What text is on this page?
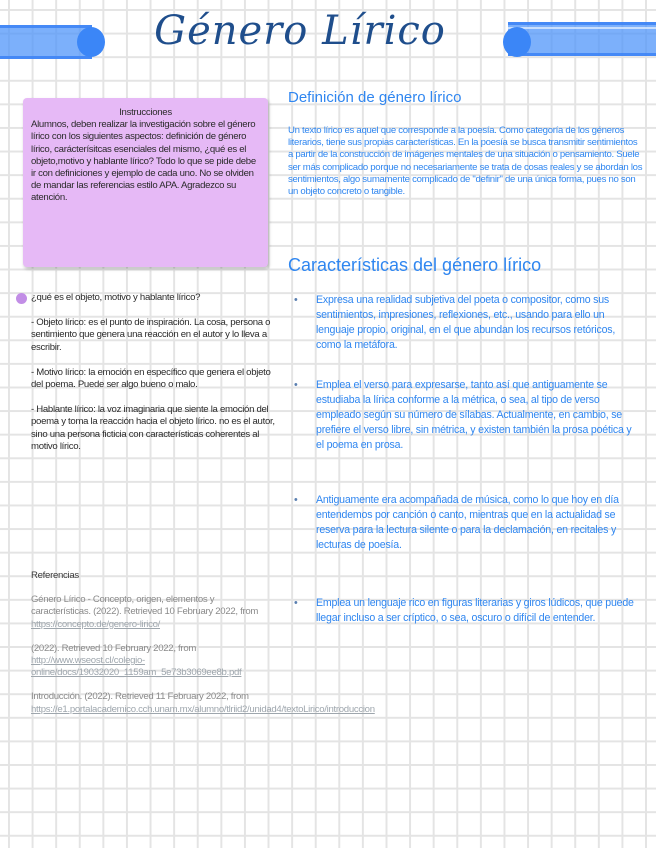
Género Lírico
Instrucciones
Alumnos, deben realizar la investigación sobre el género lírico con los siguientes aspectos: definición de género lírico, carácterísitcas esenciales del mismo, ¿qué es el objeto,motivo y hablante lírico? Todo lo que se pide debe ir con definiciones y ejemplo de cada uno. No se olviden de mandar las referencias estilo APA. Agradezco su atención.
¿qué es el objeto, motivo y hablante lírico?
- Objeto lírico: es el punto de inspiración. La cosa, persona o sentimiento que genera una reacción en el autor y lo lleva a escribir.
- Motivo lírico: la emoción en específico que genera el objeto del poema. Puede ser algo bueno o malo.
- Hablante lírico: la voz imaginaria que siente la emoción del poema y toma la reacción hacia el objeto lírico. no es el autor, sino una persona ficticia con características coherentes al motivo lírico.
Referencias
Género Lírico - Concepto, origen, elementos y características. (2022). Retrieved 10 February 2022, from https://concepto.de/genero-lirico/
(2022). Retrieved 10 February 2022, from http://www.wseost.cl/colegio-online/docs/19032020_1159am_5e73b3069ee8b.pdf
Introducción. (2022). Retrieved 11 February 2022, from https://e1.portalacademico.cch.unam.mx/alumno/tlriid2/unidad4/textoLirico/introduccion
Definición de género lírico
Un texto lírico es aquel que corresponde a la poesía. Como categoría de los géneros literarios, tiene sus propias características. En la poesía se busca transmitir sentimientos a partir de la construcción de imágenes mentales de una situación o pensamiento. Suele ser más complicado porque no necesariamente se trata de cosas reales y se abordan los sentimientos, algo sumamente complicado de "definir" de una única forma, pues no son un objeto concreto o tangible.
Características del género lírico
•	Expresa una realidad subjetiva del poeta o compositor, como sus sentimientos, impresiones, reflexiones, etc., usando para ello un lenguaje propio, original, en el que abundan los recursos retóricos, como la metáfora.
•	Emplea el verso para expresarse, tanto así que antiguamente se estudiaba la lírica conforme a la métrica, o sea, al tipo de verso empleado según su número de sílabas. Actualmente, en cambio, se prefiere el verso libre, sin métrica, y existen también la prosa poética y el poema en prosa.
•	Antiguamente era acompañada de música, como lo que hoy en día entendemos por canción o canto, mientras que en la actualidad se reserva para la lectura silente o para la declamación, en recitales y lecturas de poesía.
•	Emplea un lenguaje rico en figuras literarias y giros lúdicos, que puede llegar incluso a ser críptico, o sea, oscuro o difícil de entender.
